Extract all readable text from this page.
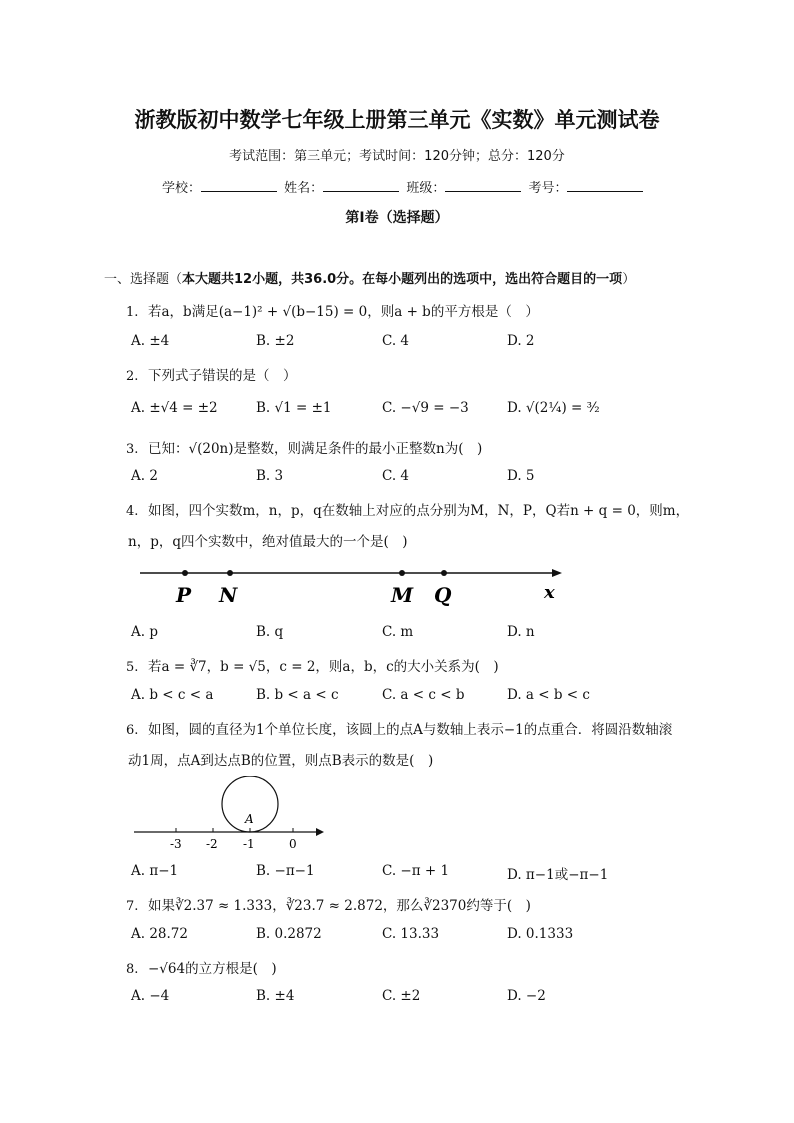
浙教版初中数学七年级上册第三单元《实数》单元测试卷
考试范围：第三单元；考试时间：120分钟；总分：120分
学校：	姓名：	班级：	考号：
第I卷（选择题）
一、选择题（本大题共12小题，共36.0分。在每小题列出的选项中，选出符合题目的一项）
1. 若a，b满足(a−1)² + √(b−15) = 0，则a + b的平方根是（　）
A. ±4	B. ±2	C. 4	D. 2
2. 下列式子错误的是（　）
A. ±√4 = ±2	B. √1 = ±1	C. −√9 = −3	D. √(2¹⁄₄) = ³⁄₂
3. 已知：√(20n)是整数，则满足条件的最小正整数n为(　)
A. 2	B. 3	C. 4	D. 5
4. 如图，四个实数m，n，p，q在数轴上对应的点分别为M，N，P，Q若n + q = 0，则m，
n，p，q四个实数中，绝对值最大的一个是(　)
P N	M Q	x
A. p	B. q	C. m	D. n
5. 若a = ∛7，b = √5，c = 2，则a，b，c的大小关系为(　)
A. b < c < a	B. b < a < c	C. a < c < b	D. a < b < c
6. 如图，圆的直径为1个单位长度，该圆上的点A与数轴上表示−1的点重合．将圆沿数轴滚
动1周，点A到达点B的位置，则点B表示的数是(　)
A
-3 -2 -1	0
A. π−1	B. −π−1	C. −π + 1	D. π−1或−π−1
7. 如果∛2.37 ≈ 1.333，∛23.7 ≈ 2.872，那么∛2370约等于(　)
A. 28.72	B. 0.2872	C. 13.33	D. 0.1333
8. −√64的立方根是(　)
A. −4	B. ±4	C. ±2	D. −2
